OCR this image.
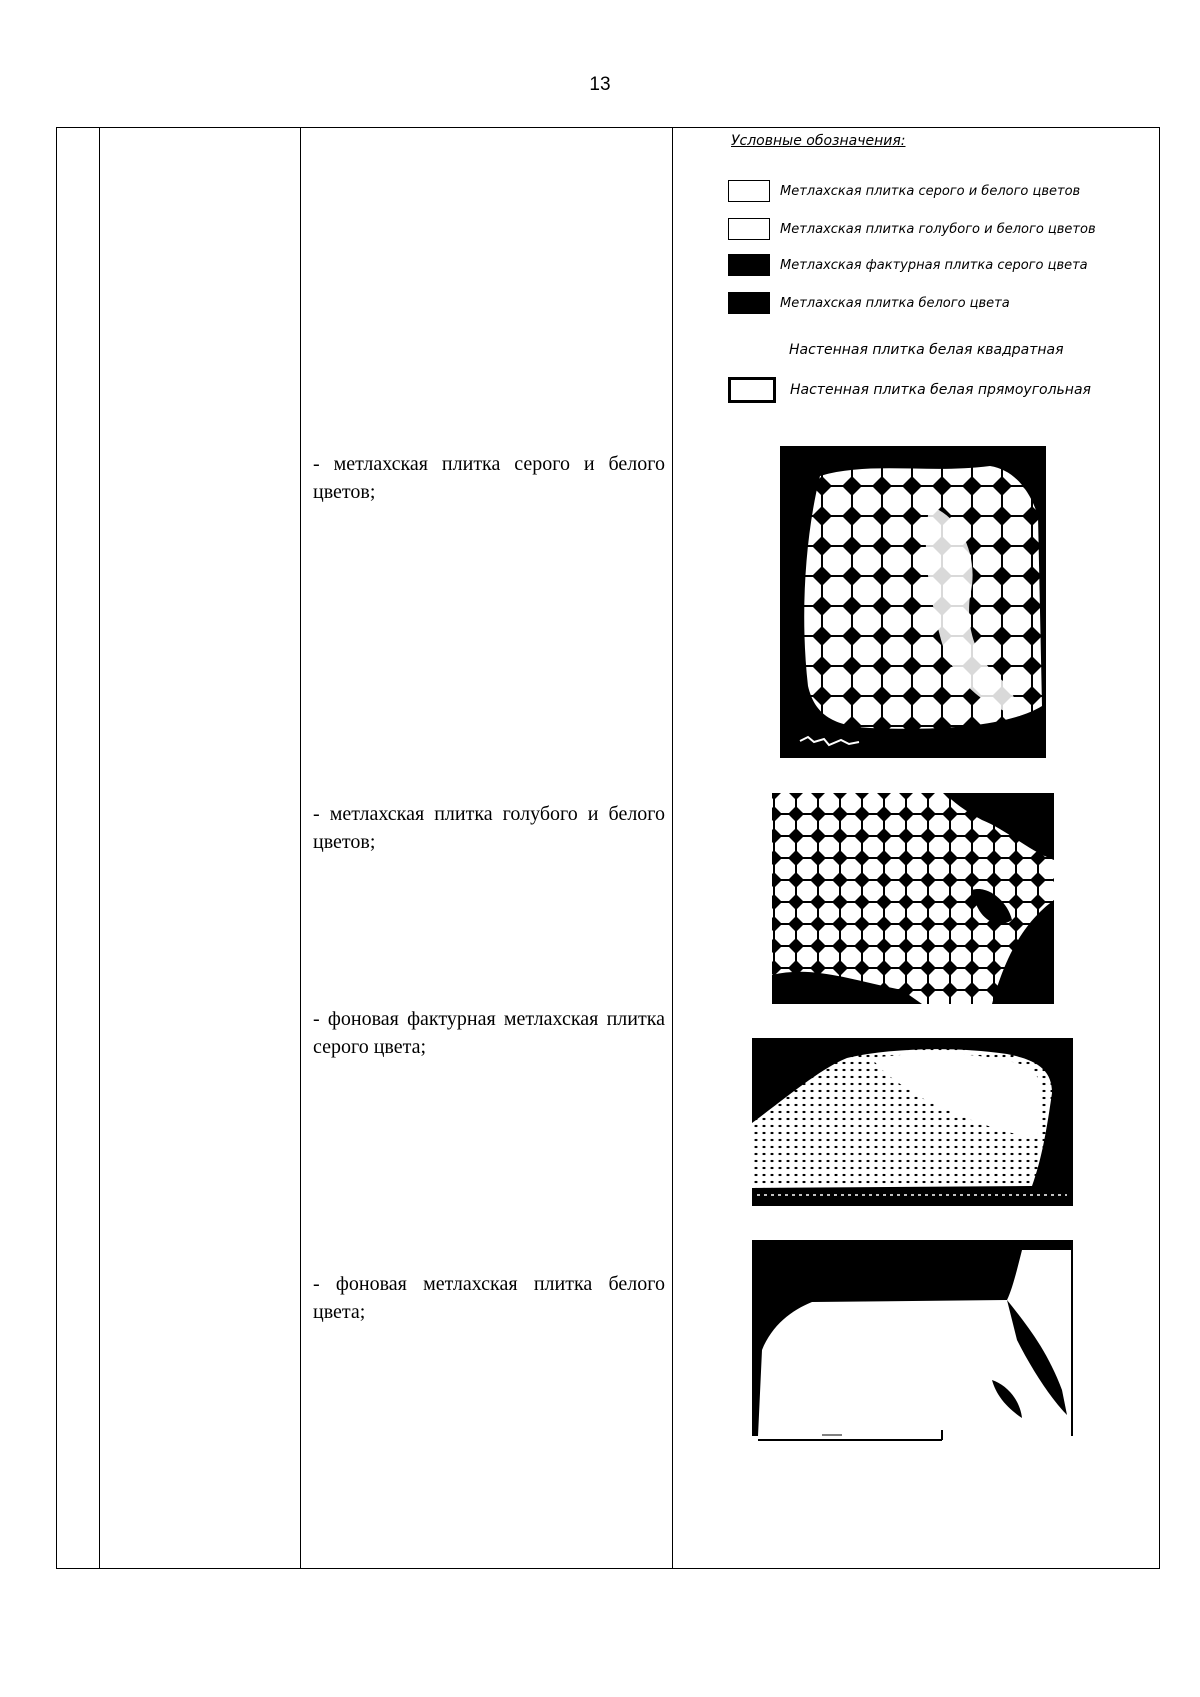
13
Условные обозначения:
Метлахская плитка серого и белого цветов
Метлахская плитка голубого и белого цветов
Метлахская фактурная плитка серого цвета
Метлахская плитка белого цвета
Настенная плитка белая квадратная
Настенная плитка белая прямоугольная
- метлахская плитка серого и белого цветов;
- метлахская плитка голубого и белого цветов;
- фоновая фактурная метлахская плитка серого цвета;
- фоновая метлахская плитка белого цвета;
